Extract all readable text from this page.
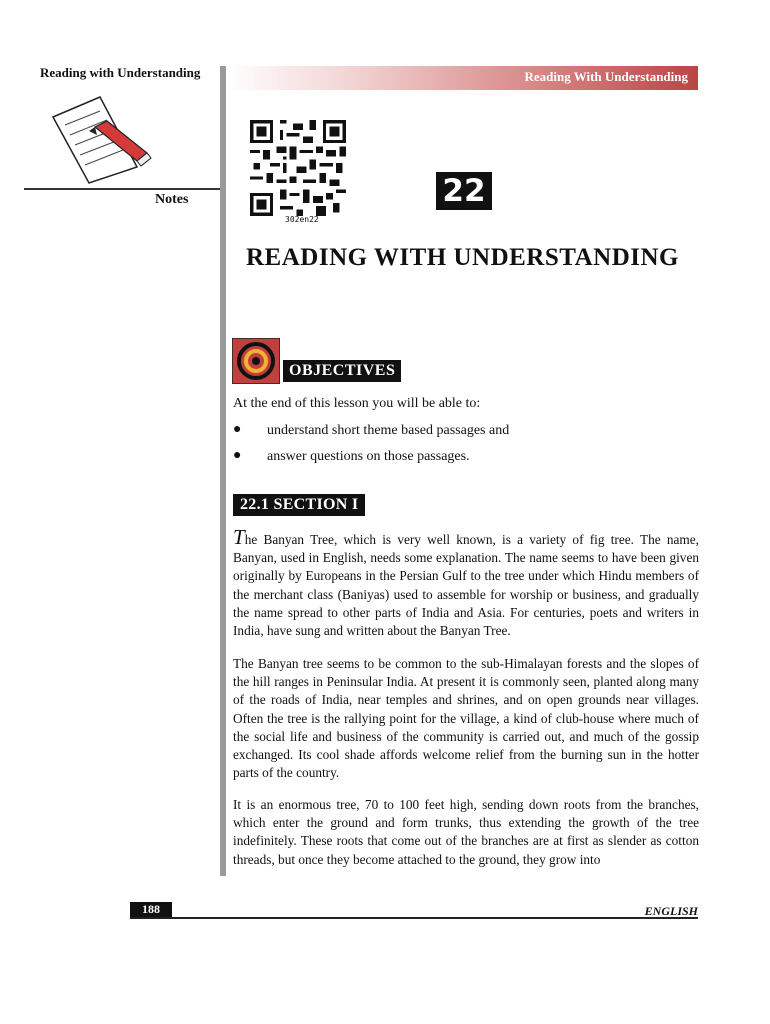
Reading with Understanding	Reading With Understanding
Notes
302en22
22
READING WITH UNDERSTANDING
OBJECTIVES
At the end of this lesson you will be able to:
● understand short theme based passages and
● answer questions on those passages.
22.1 SECTION I

The Banyan Tree, which is very well known, is a variety of fig tree. The name, Banyan, used in English, needs some explanation. The name seems to have been given originally by Europeans in the Persian Gulf to the tree under which Hindu members of the merchant class (Baniyas) used to assemble for worship or business, and gradually the name spread to other parts of India and Asia. For centuries, poets and writers in India, have sung and written about the Banyan Tree.

The Banyan tree seems to be common to the sub-Himalayan forests and the slopes of the hill ranges in Peninsular India. At present it is commonly seen, planted along many of the roads of India, near temples and shrines, and on open grounds near villages. Often the tree is the rallying point for the village, a kind of club-house where much of the social life and business of the community is carried out, and much of the gossip exchanged. Its cool shade affords welcome relief from the burning sun in the hotter parts of the country.

It is an enormous tree, 70 to 100 feet high, sending down roots from the branches, which enter the ground and form trunks, thus extending the growth of the tree indefinitely. These roots that come out of the branches are at first as slender as cotton threads, but once they become attached to the ground, they grow into

188	ENGLISH
